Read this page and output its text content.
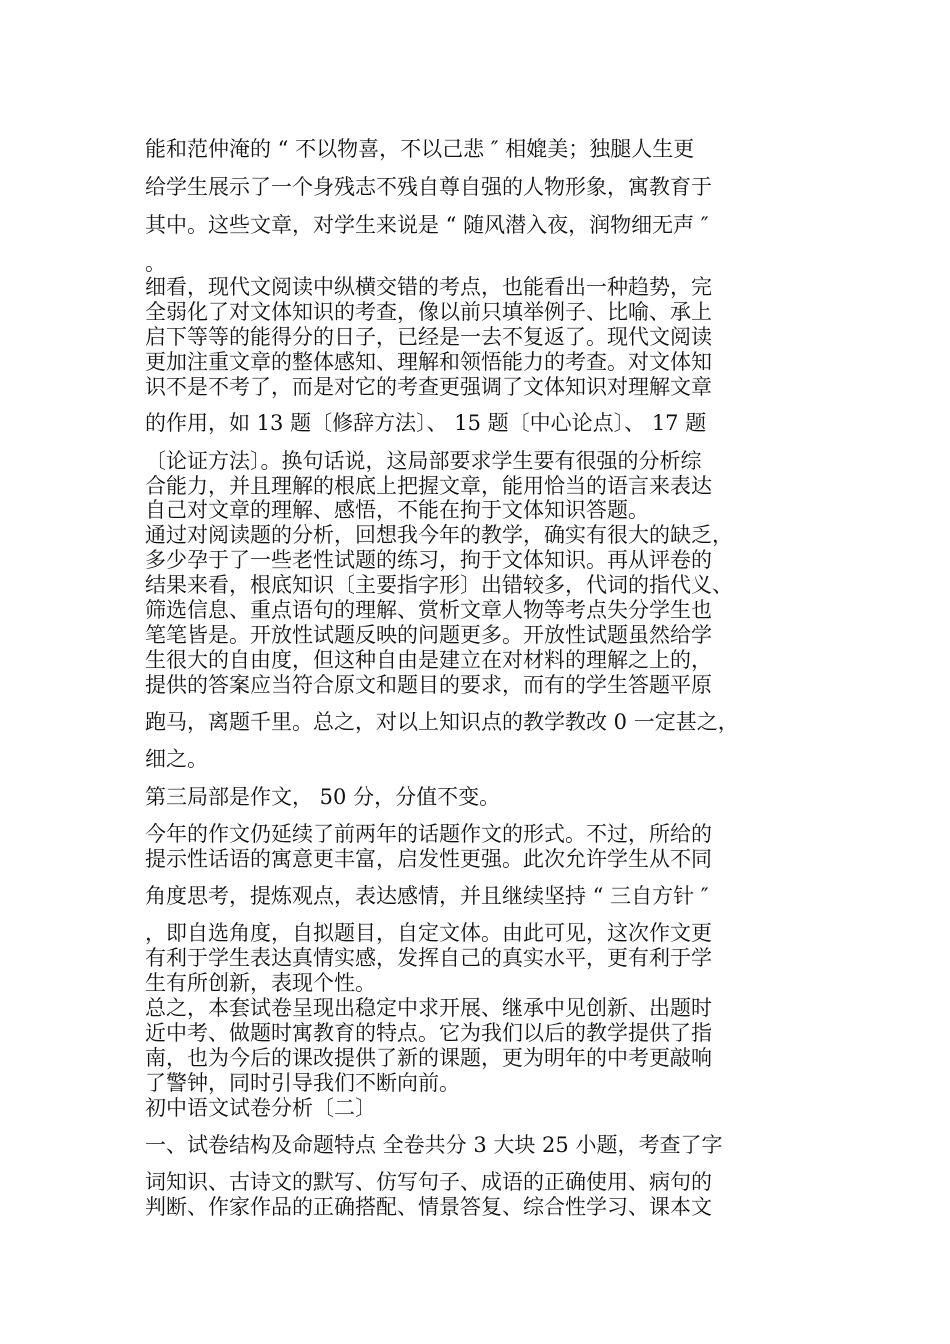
能和范仲淹的 “ 不以物喜，不以己悲 ″ 相媲美；独腿人生更
给学生展示了一个身残志不残自尊自强的人物形象，寓教育于
其中。这些文章，对学生来说是 “ 随风潜入夜，润物细无声 ″
。
细看，现代文阅读中纵横交错的考点，也能看出一种趋势，完
全弱化了对文体知识的考查，像以前只填举例子、比喻、承上
启下等等的能得分的日子，已经是一去不复返了。现代文阅读
更加注重文章的整体感知、理解和领悟能力的考查。对文体知
识不是不考了，而是对它的考查更强调了文体知识对理解文章
的作用，如 13 题〔修辞方法〕、 15 题〔中心论点〕、 17 题
〔论证方法〕。换句话说，这局部要求学生要有很强的分析综
合能力，并且理解的根底上把握文章，能用恰当的语言来表达
自己对文章的理解、感悟，不能在拘于文体知识答题。
通过对阅读题的分析，回想我今年的教学，确实有很大的缺乏，
多少孕于了一些老性试题的练习，拘于文体知识。再从评卷的
结果来看，根底知识〔主要指字形〕出错较多，代词的指代义、
筛选信息、重点语句的理解、赏析文章人物等考点失分学生也
笔笔皆是。开放性试题反映的问题更多。开放性试题虽然给学
生很大的自由度，但这种自由是建立在对材料的理解之上的，
提供的答案应当符合原文和题目的要求，而有的学生答题平原
跑马，离题千里。总之，对以上知识点的教学教改 0 一定甚之，
细之。
第三局部是作文， 50 分，分值不变。
今年的作文仍延续了前两年的话题作文的形式。不过，所给的
提示性话语的寓意更丰富，启发性更强。此次允许学生从不同
角度思考，提炼观点，表达感情，并且继续坚持 “ 三自方针 ″
，即自选角度，自拟题目，自定文体。由此可见，这次作文更
有利于学生表达真情实感，发挥自己的真实水平，更有利于学
生有所创新，表现个性。
总之，本套试卷呈现出稳定中求开展、继承中见创新、出题时
近中考、做题时寓教育的特点。它为我们以后的教学提供了指
南，也为今后的课改提供了新的课题，更为明年的中考更敲响
了警钟，同时引导我们不断向前。
初中语文试卷分析〔二〕
一、试卷结构及命题特点 全卷共分 3 大块 25 小题，考查了字
词知识、古诗文的默写、仿写句子、成语的正确使用、病句的
判断、作家作品的正确搭配、情景答复、综合性学习、课本文
